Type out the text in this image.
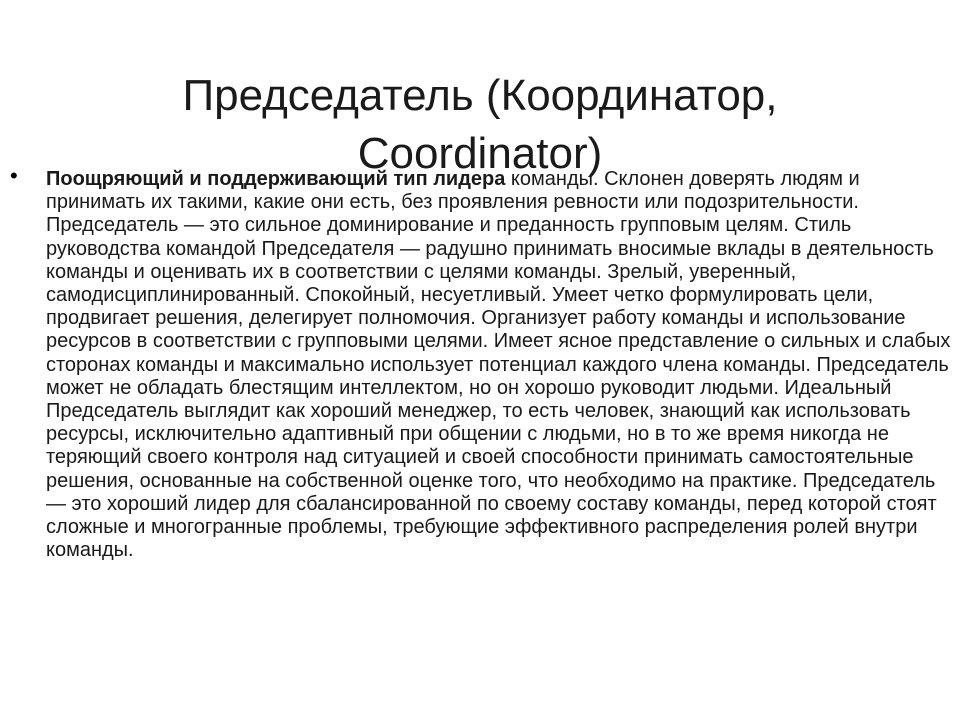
Председатель (Координатор,
Coordinator)
• Поощряющий и поддерживающий тип лидера команды. Склонен доверять людям и принимать их такими, какие они есть, без проявления ревности или подозрительности. Председатель — это сильное доминирование и преданность групповым целям. Стиль руководства командой Председателя — радушно принимать вносимые вклады в деятельность команды и оценивать их в соответствии с целями команды. Зрелый, уверенный, самодисциплинированный. Спокойный, несуетливый. Умеет четко формулировать цели, продвигает решения, делегирует полномочия. Организует работу команды и использование ресурсов в соответствии с групповыми целями. Имеет ясное представление о сильных и слабых сторонах команды и максимально использует потенциал каждого члена команды. Председатель может не обладать блестящим интеллектом, но он хорошо руководит людьми. Идеальный Председатель выглядит как хороший менеджер, то есть человек, знающий как использовать ресурсы, исключительно адаптивный при общении с людьми, но в то же время никогда не теряющий своего контроля над ситуацией и своей способности принимать самостоятельные решения, основанные на собственной оценке того, что необходимо на практике. Председатель — это хороший лидер для сбалансированной по своему составу команды, перед которой стоят сложные и многогранные проблемы, требующие эффективного распределения ролей внутри команды.
